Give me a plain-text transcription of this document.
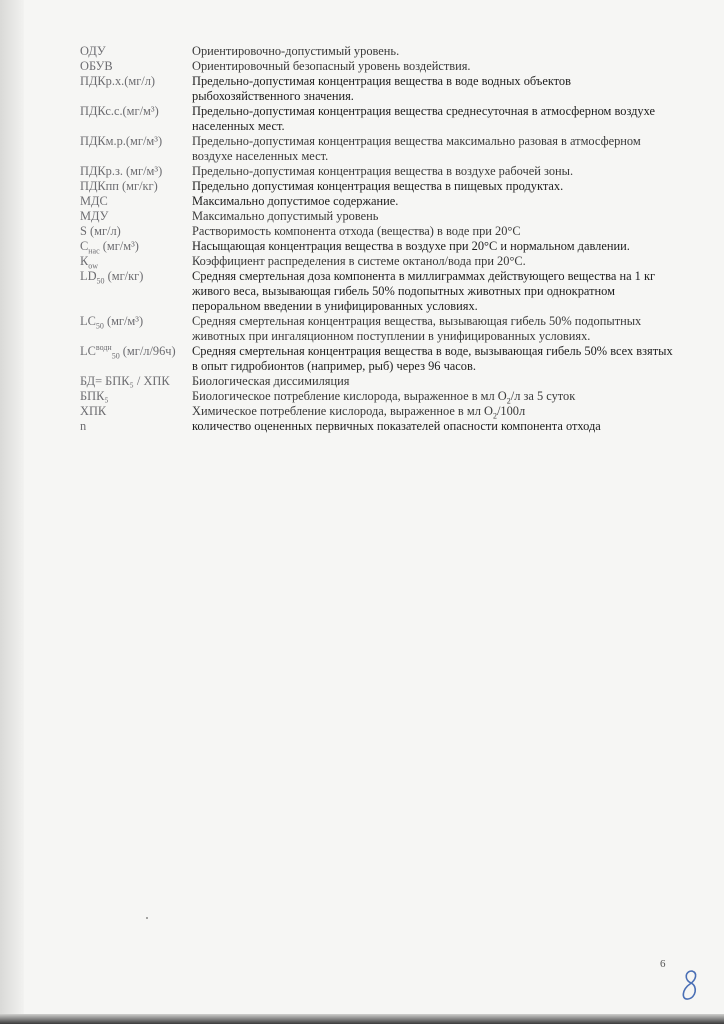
ОДУ	Ориентировочно-допустимый уровень.
ОБУВ	Ориентировочный безопасный уровень воздействия.
ПДКр.х.(мг/л)	Предельно-допустимая концентрация вещества в воде водных объектов рыбохозяйственного значения.
ПДКс.с.(мг/м³)	Предельно-допустимая концентрация вещества среднесуточная в атмосферном воздухе населенных мест.
ПДКм.р.(мг/м³)	Предельно-допустимая концентрация вещества максимально разовая в атмосферном воздухе населенных мест.
ПДКр.з. (мг/м³)	Предельно-допустимая концентрация вещества в воздухе рабочей зоны.
ПДКпп (мг/кг)	Предельно допустимая концентрация вещества в пищевых продуктах.
МДС	Максимально допустимое содержание.
МДУ	Максимально допустимый уровень
S (мг/л)	Растворимость компонента отхода (вещества) в воде при 20°С
$С_{нас}$ (мг/м³)	Насыщающая концентрация вещества в воздухе при 20°С и нормальном давлении.
$К_{ow}$	Коэффициент распределения в системе октанол/вода при 20°С.
$LD_{50}$ (мг/кг)	Средняя смертельная доза компонента в миллиграммах действующего вещества на 1 кг живого веса, вызывающая гибель 50% подопытных животных при однократном пероральном введении в унифицированных условиях.
$LC_{50}$ (мг/м³)	Средняя смертельная концентрация вещества, вызывающая гибель 50% подопытных животных при ингаляционном поступлении в унифицированных условиях.
$LC^{водн}_{50}$ (мг/л/96ч)	Средняя смертельная концентрация вещества в воде, вызывающая гибель 50% всех взятых в опыт гидробионтов (например, рыб) через 96 часов.
БД= БПК₅ / ХПК	Биологическая диссимиляция
БПК₅	Биологическое потребление кислорода, выраженное в мл $О_2/л$ за 5 суток
ХПК	Химическое потребление кислорода, выраженное в мл $О_2/100л$
n	количество оцененных первичных показателей опасности компонента отхода
6
